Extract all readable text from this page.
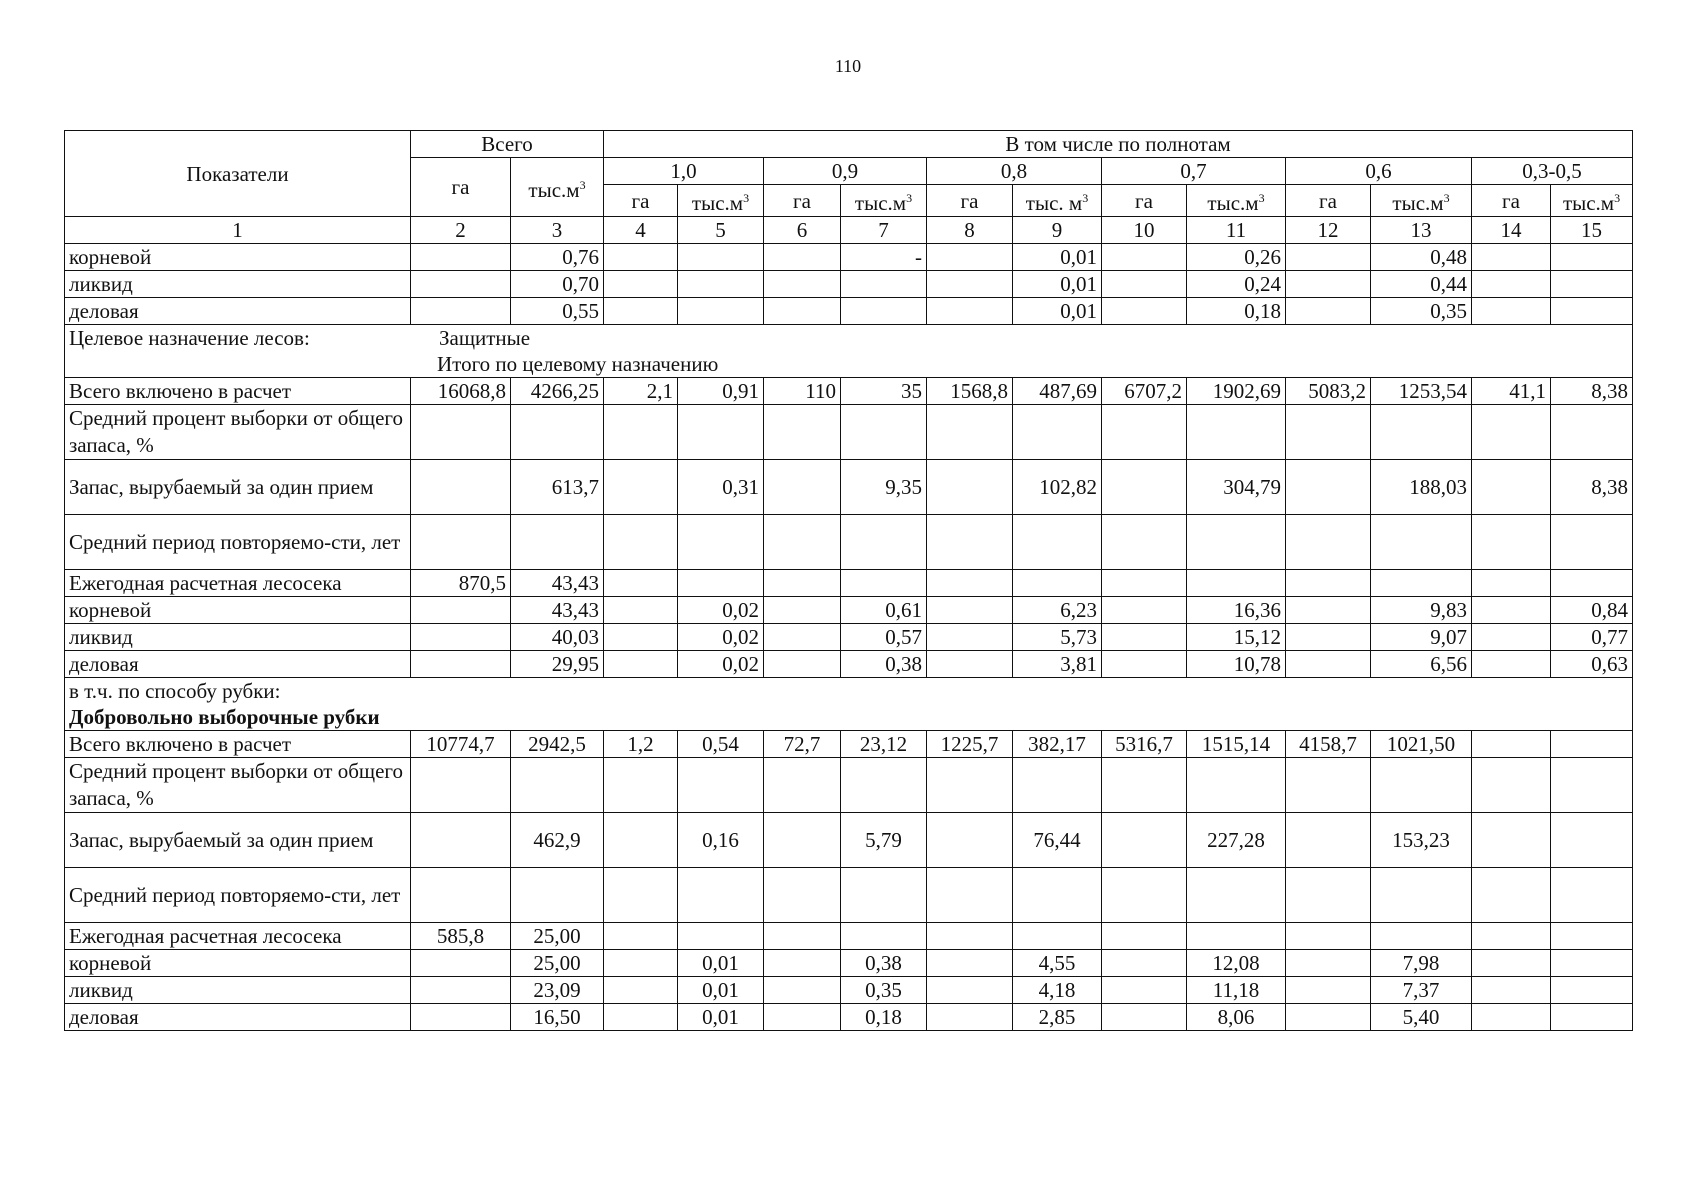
110
Показатели	Всего		В том числе по полнотам											
	га	$тыс.м^3$	1,0		0,9		0,8		0,7		0,6		0,3-0,5	
			га	$тыс.м^3$	га	$тыс.м^3$	га	тыс. $м^3$	га	$тыс.м^3$	га	$тыс.м^3$	га	$тыс.м^3$
1	2	3	4	5	6	7	8	9	10	11	12	13	14	15
корневой		0,76				-		0,01		0,26		0,48		
ликвид		0,70						0,01		0,24		0,44		
деловая		0,55						0,01		0,18		0,35		

Целевое назначение лесов: Защитные
Итого по целевому назначению														

Всего включено в расчет	16068,8	4266,25	2,1	0,91	110	35	1568,8	487,69	6707,2	1902,69	5083,2	1253,54	41,1	8,38
Средний процент выборки от общего запаса, %														
Запас, вырубаемый за один прием		613,7		0,31		9,35		102,82		304,79		188,03		8,38
Средний период повторяемо-сти, лет														
Ежегодная расчетная лесосека	870,5	43,43												
корневой		43,43		0,02		0,61		6,23		16,36		9,83		0,84
ликвид		40,03		0,02		0,57		5,73		15,12		9,07		0,77
деловая		29,95		0,02		0,38		3,81		10,78		6,56		0,63

в т.ч. по способу рубки:
Добровольно выборочные рубки														

Всего включено в расчет	10774,7	2942,5	1,2	0,54	72,7	23,12	1225,7	382,17	5316,7	1515,14	4158,7	1021,50		
Средний процент выборки от общего запаса, %														
Запас, вырубаемый за один прием		462,9		0,16		5,79		76,44		227,28		153,23		
Средний период повторяемо-сти, лет														
Ежегодная расчетная лесосека	585,8	25,00												
корневой		25,00		0,01		0,38		4,55		12,08		7,98		
ликвид		23,09		0,01		0,35		4,18		11,18		7,37		
деловая		16,50		0,01		0,18		2,85		8,06		5,40		
